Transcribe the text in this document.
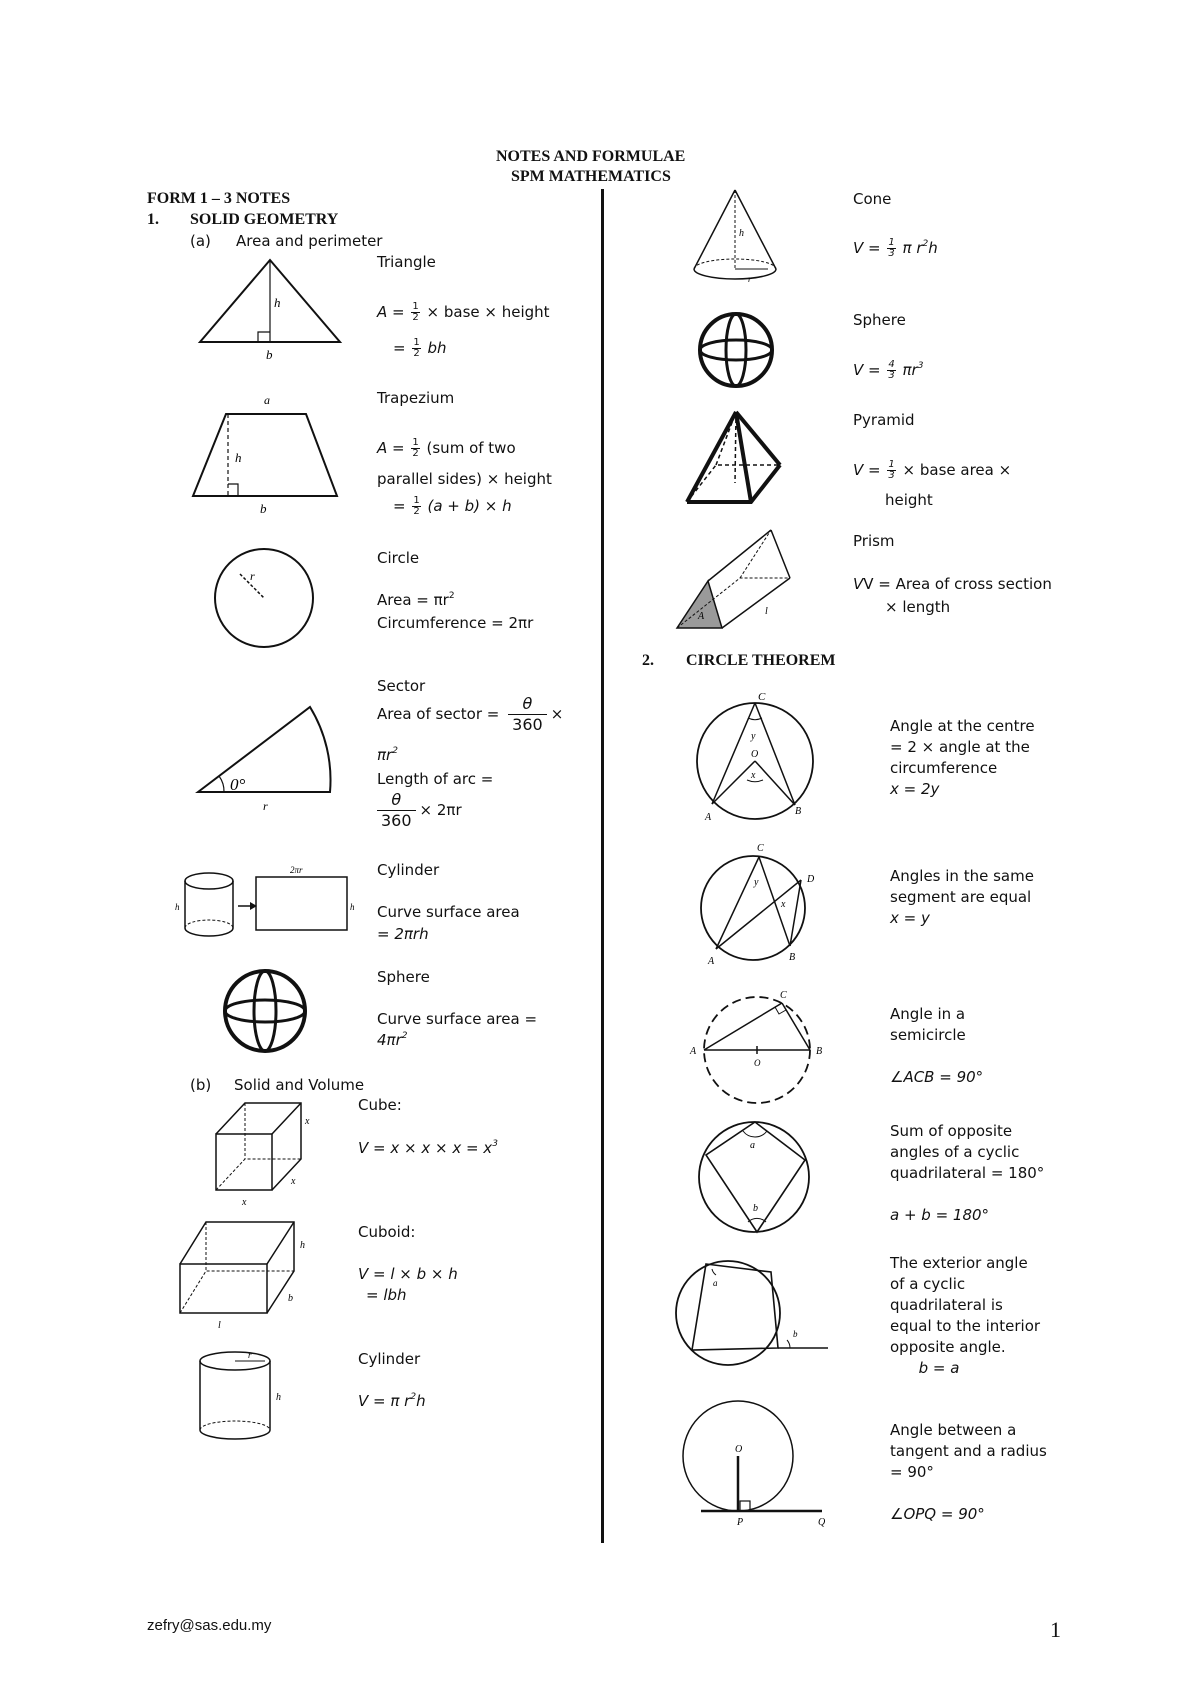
NOTES AND FORMULAE
SPM MATHEMATICS
FORM 1 – 3 NOTES
1. SOLID GEOMETRY
(a) Area and perimeter
h
b
Triangle
$A = \frac{1}{2}$ × base × height
= $\frac{1}{2}$ bh
a
h
b
Trapezium
$A = \frac{1}{2} (sum$ of two
parallel sides) × height
= $\frac{1}{2} (a + b) \times h$
r
Circle
Area = $\pi r^2$
Circumference = 2πr
0°
r
Sector
Area of sector = $\frac{\theta}{360}$ ×
$\pi r^2$
Length of arc =
$\frac{\theta}{360} \times 2\pi r$
2πr
h	h
Cylinder
Curve surface area
= 2πrh
Sphere
Curve surface area =
$4\pi r^2$
(b) Solid and Volume
x
x
x
Cube:
$V = x \times x \times x = x^3$
h
b
l
Cuboid:
V = l × b × h
= lbh
r
h
Cylinder
V = π $r^2h$
h
r
Cone
$V = \frac{1}{3}$ π $r^2h$
Sphere
$V = \frac{4}{3} \pi r^3$
Pyramid
$V = \frac{1}{3}$ × base area ×
height
A	l
Prism
VV = Area of cross section
× length
2. CIRCLE THEOREM
C
O
y
x
A
B
C
D
y
x
A	B
C
A	B
O
a
b
a
b
O
P	Q
Angle at the centre
= 2 × angle at the
circumference
x = 2y
Angles in the same
segment are equal
x = y
Angle in a
semicircle
∠ACB = 90°
Sum of opposite
angles of a cyclic
quadrilateral = 180°
a + b = 180°
The exterior angle
of a cyclic
quadrilateral is
equal to the interior
opposite angle.
b = a
Angle between a
tangent and a radius
= 90°
∠OPQ = 90°
zefry@sas.edu.my	1
